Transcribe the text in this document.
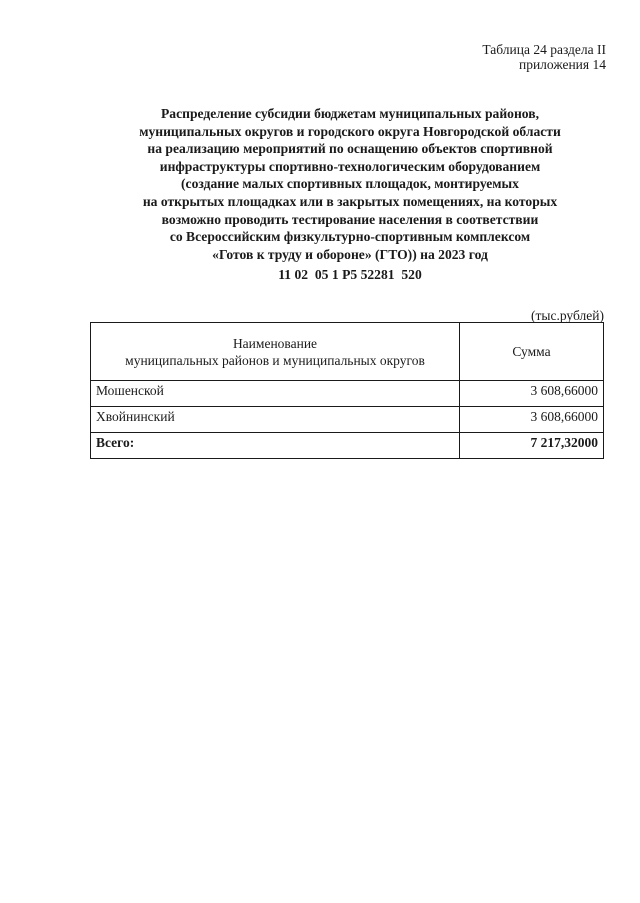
Таблица 24 раздела II
приложения 14
Распределение субсидии бюджетам муниципальных районов,
муниципальных округов и городского округа Новгородской области
на реализацию мероприятий по оснащению объектов спортивной
инфраструктуры спортивно-технологическим оборудованием
(создание малых спортивных площадок, монтируемых
на открытых площадках или в закрытых помещениях, на которых
возможно проводить тестирование населения в соответствии
со Всероссийским физкультурно-спортивным комплексом
«Готов к труду и обороне» (ГТО)) на 2023 год
11 02  05 1 P5 52281  520
(тыс.рублей)
Наименование
муниципальных районов и муниципальных округов	Сумма
Мошенской	3 608,66000
Хвойнинский	3 608,66000
Всего:	7 217,32000
